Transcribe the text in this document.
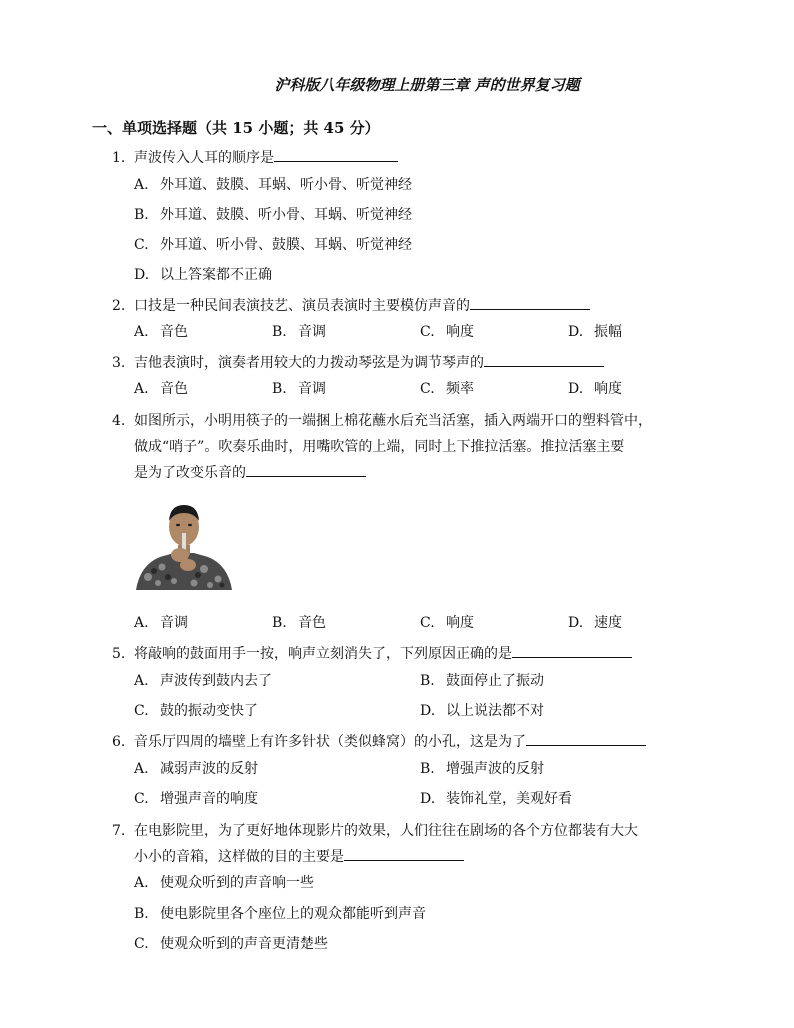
沪科版八年级物理上册第三章 声的世界复习题
一、单项选择题（共 15 小题；共 45 分）
1. 声波传入人耳的顺序是
A. 外耳道、鼓膜、耳蜗、听小骨、听觉神经
B. 外耳道、鼓膜、听小骨、耳蜗、听觉神经
C. 外耳道、听小骨、鼓膜、耳蜗、听觉神经
D. 以上答案都不正确
2. 口技是一种民间表演技艺、演员表演时主要模仿声音的
A. 音色	B. 音调	C. 响度	D. 振幅
3. 吉他表演时，演奏者用较大的力拨动琴弦是为调节琴声的
A. 音色	B. 音调	C. 频率	D. 响度
4. 如图所示，小明用筷子的一端捆上棉花蘸水后充当活塞，插入两端开口的塑料管中，
做成“哨子”。吹奏乐曲时，用嘴吹管的上端，同时上下推拉活塞。推拉活塞主要
是为了改变乐音的
A. 音调	B. 音色	C. 响度	D. 速度
5. 将敲响的鼓面用手一按，响声立刻消失了，下列原因正确的是
A. 声波传到鼓内去了	B. 鼓面停止了振动
C. 鼓的振动变快了	D. 以上说法都不对
6. 音乐厅四周的墙壁上有许多针状（类似蜂窝）的小孔，这是为了
A. 减弱声波的反射	B. 增强声波的反射
C. 增强声音的响度	D. 装饰礼堂，美观好看
7. 在电影院里，为了更好地体现影片的效果，人们往往在剧场的各个方位都装有大大
小小的音箱，这样做的目的主要是
A. 使观众听到的声音响一些
B. 使电影院里各个座位上的观众都能听到声音
C. 使观众听到的声音更清楚些
